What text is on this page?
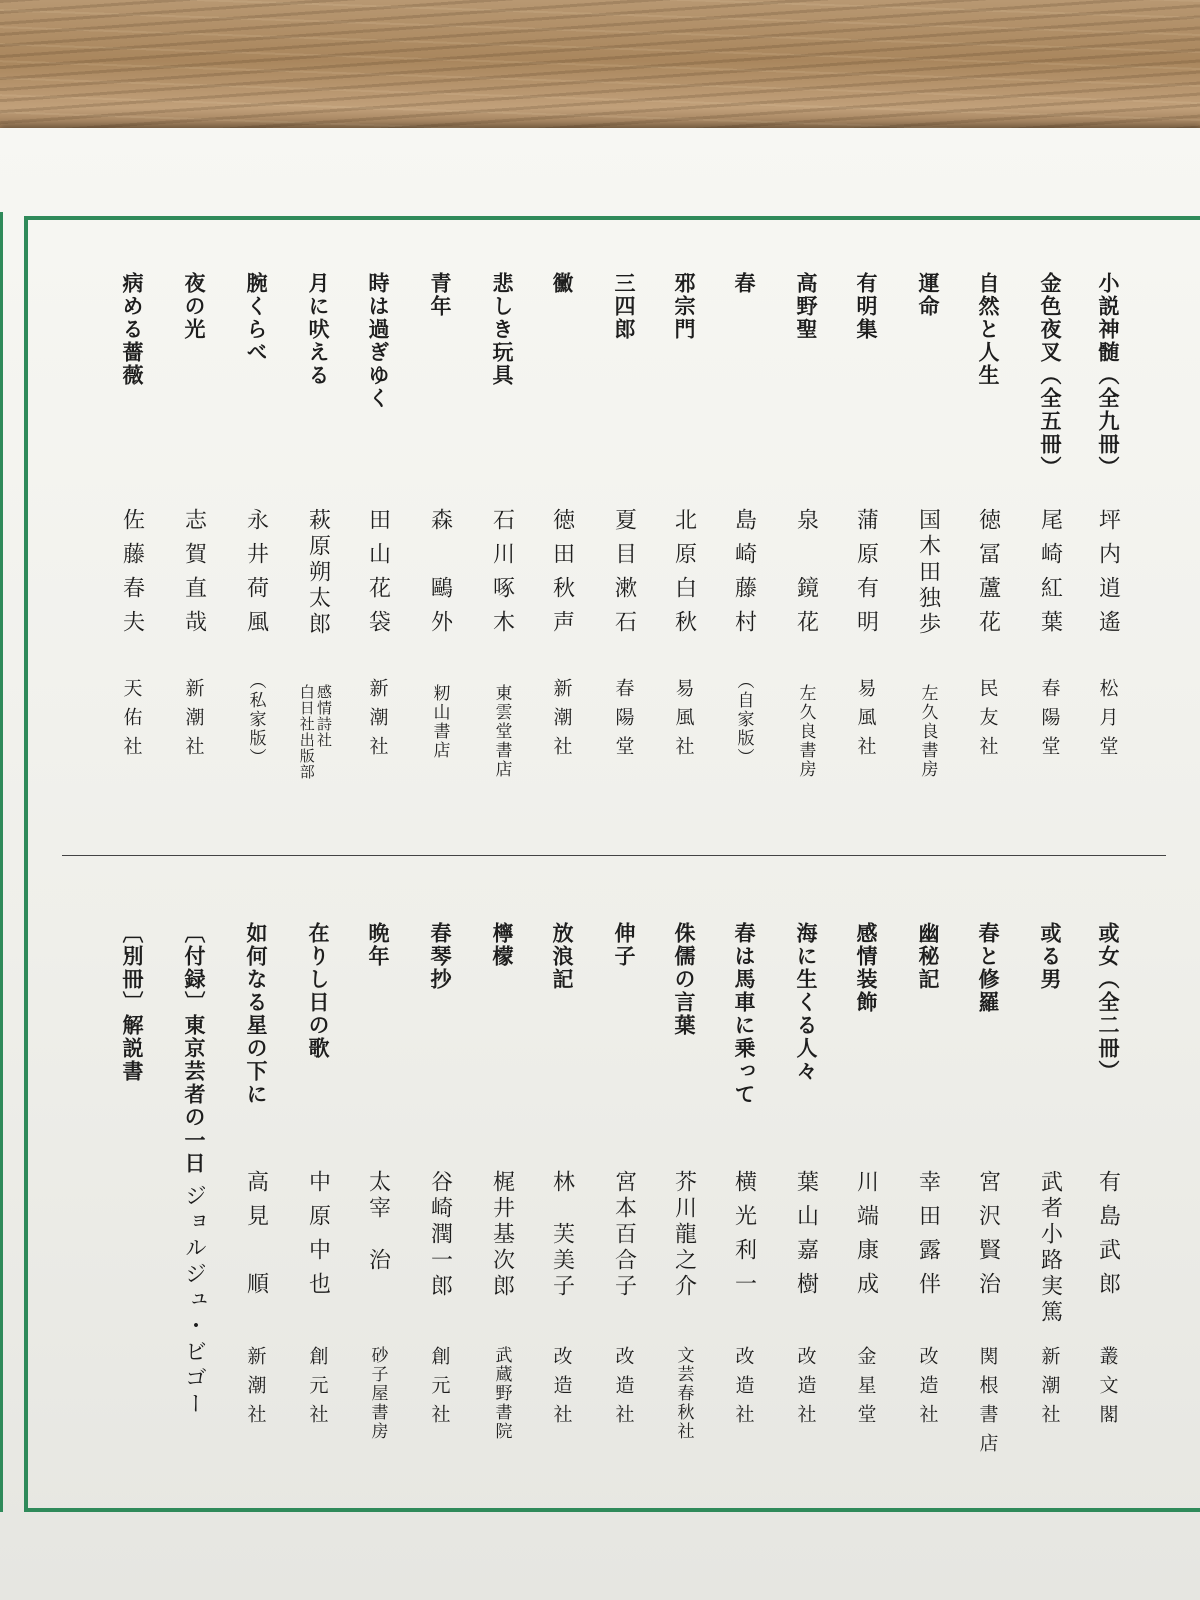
小説神髄（全九冊）
坪内逍遙
松月堂
金色夜叉（全五冊）
尾崎紅葉
春陽堂
自然と人生
徳冨蘆花
民友社
運命
国木田独歩
左久良書房
有明集
蒲原有明
易風社
高野聖
泉　鏡花
左久良書房
春
島崎藤村
（自家版）
邪宗門
北原白秋
易風社
三四郎
夏目漱石
春陽堂
黴
徳田秋声
新潮社
悲しき玩具
石川啄木
東雲堂書店
青年
森　鷗外
籾山書店
時は過ぎゆく
田山花袋
新潮社
月に吠える
萩原朔太郎
感情詩社
白日社出版部
腕くらべ
永井荷風
（私家版）
夜の光
志賀直哉
新潮社
病める薔薇
佐藤春夫
天佑社
或女（全二冊）
有島武郎
叢文閣
或る男
武者小路実篤
新潮社
春と修羅
宮沢賢治
関根書店
幽秘記
幸田露伴
改造社
感情装飾
川端康成
金星堂
海に生くる人々
葉山嘉樹
改造社
春は馬車に乗って
横光利一
改造社
侏儒の言葉
芥川龍之介
文芸春秋社
伸子
宮本百合子
改造社
放浪記
林　芙美子
改造社
檸檬
梶井基次郎
武蔵野書院
春琴抄
谷崎潤一郎
創元社
晩年
太宰　治
砂子屋書房
在りし日の歌
中原中也
創元社
如何なる星の下に
高見　順
新潮社
〔付録〕東京芸者の一日
ジョルジュ・ビゴー
〔別冊〕解説書
